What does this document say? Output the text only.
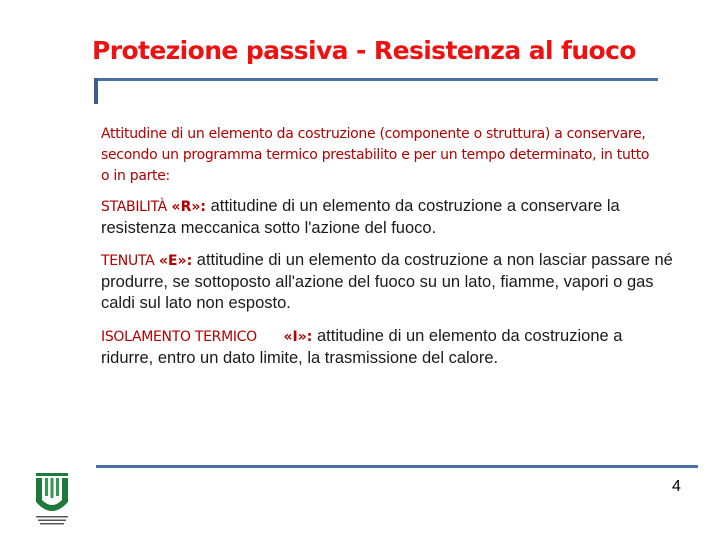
Protezione passiva - Resistenza al fuoco
Attitudine di un elemento da costruzione (componente o struttura) a conservare, secondo un programma termico prestabilito e per un tempo determinato, in tutto o in parte:
STABILITÀ «R»: attitudine di un elemento da costruzione a conservare la resistenza meccanica sotto l'azione del fuoco.
TENUTA «E»: attitudine di un elemento da costruzione a non lasciar passare né produrre, se sottoposto all'azione del fuoco su un lato, fiamme, vapori o gas caldi sul lato non esposto.
ISOLAMENTO TERMICO «I»: attitudine di un elemento da costruzione a ridurre, entro un dato limite, la trasmissione del calore.
4
